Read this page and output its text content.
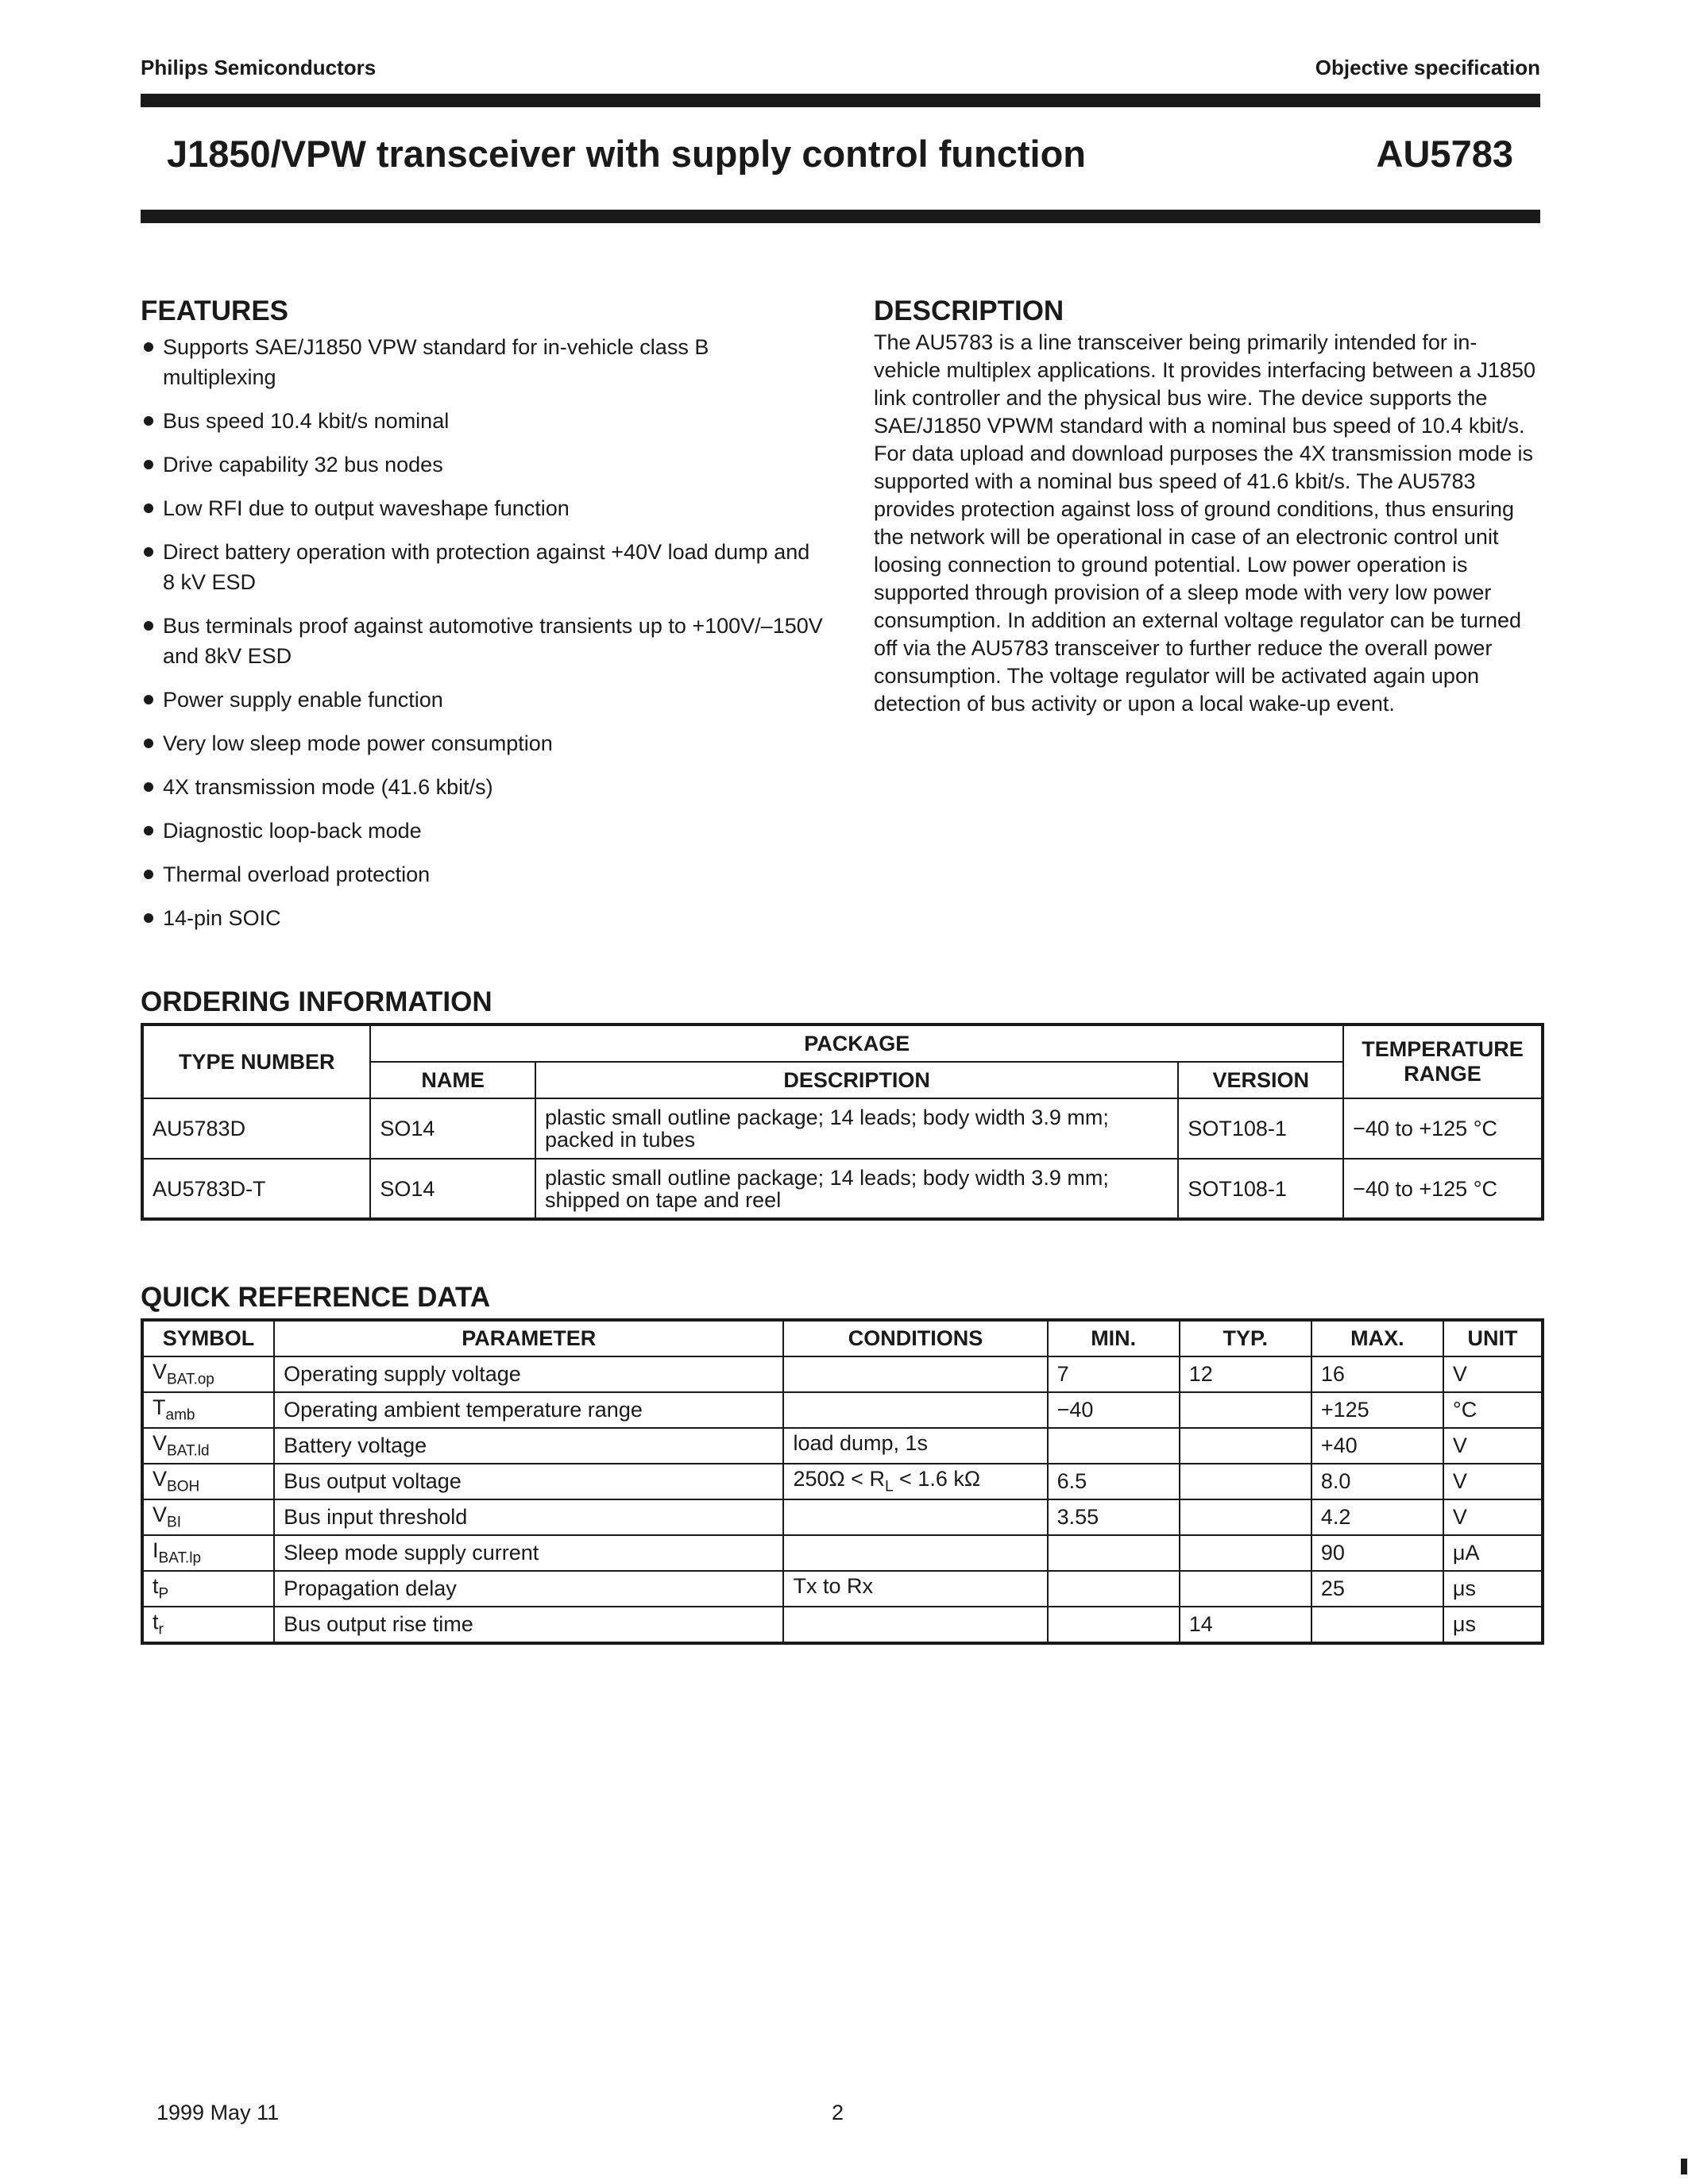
Philips Semiconductors	Objective specification
J1850/VPW transceiver with supply control function	AU5783
FEATURES
Supports SAE/J1850 VPW standard for in-vehicle class B multiplexing
Bus speed 10.4 kbit/s nominal
Drive capability 32 bus nodes
Low RFI due to output waveshape function
Direct battery operation with protection against +40V load dump and 8 kV ESD
Bus terminals proof against automotive transients up to +100V/–150V and 8kV ESD
Power supply enable function
Very low sleep mode power consumption
4X transmission mode (41.6 kbit/s)
Diagnostic loop-back mode
Thermal overload protection
14-pin SOIC
DESCRIPTION
The AU5783 is a line transceiver being primarily intended for in-vehicle multiplex applications. It provides interfacing between a J1850 link controller and the physical bus wire. The device supports the SAE/J1850 VPWM standard with a nominal bus speed of 10.4 kbit/s. For data upload and download purposes the 4X transmission mode is supported with a nominal bus speed of 41.6 kbit/s. The AU5783 provides protection against loss of ground conditions, thus ensuring the network will be operational in case of an electronic control unit loosing connection to ground potential. Low power operation is supported through provision of a sleep mode with very low power consumption. In addition an external voltage regulator can be turned off via the AU5783 transceiver to further reduce the overall power consumption. The voltage regulator will be activated again upon detection of bus activity or upon a local wake-up event.
ORDERING INFORMATION
TYPE NUMBER	PACKAGE			TEMPERATURE RANGE
	NAME	DESCRIPTION	VERSION	
AU5783D	SO14	plastic small outline package; 14 leads; body width 3.9 mm; packed in tubes	SOT108-1	−40 to +125 °C
AU5783D-T	SO14	plastic small outline package; 14 leads; body width 3.9 mm; shipped on tape and reel	SOT108-1	−40 to +125 °C
QUICK REFERENCE DATA
SYMBOL	PARAMETER	CONDITIONS	MIN.	TYP.	MAX.	UNIT
$V_{BAT.op}$	Operating supply voltage		7	12	16	V
$T_{amb}$	Operating ambient temperature range		−40		+125	°C
$V_{BAT.ld}$	Battery voltage	load dump, 1s			+40	V
$V_{BOH}$	Bus output voltage	$250\Omega < R_L < 1.6$ kΩ	6.5		8.0	V
$V_{BI}$	Bus input threshold		3.55		4.2	V
$I_{BAT.lp}$	Sleep mode supply current				90	μA
$t_P$	Propagation delay	Tx to Rx			25	μs
$t_r$	Bus output rise time			14		μs
1999 May 11	2
